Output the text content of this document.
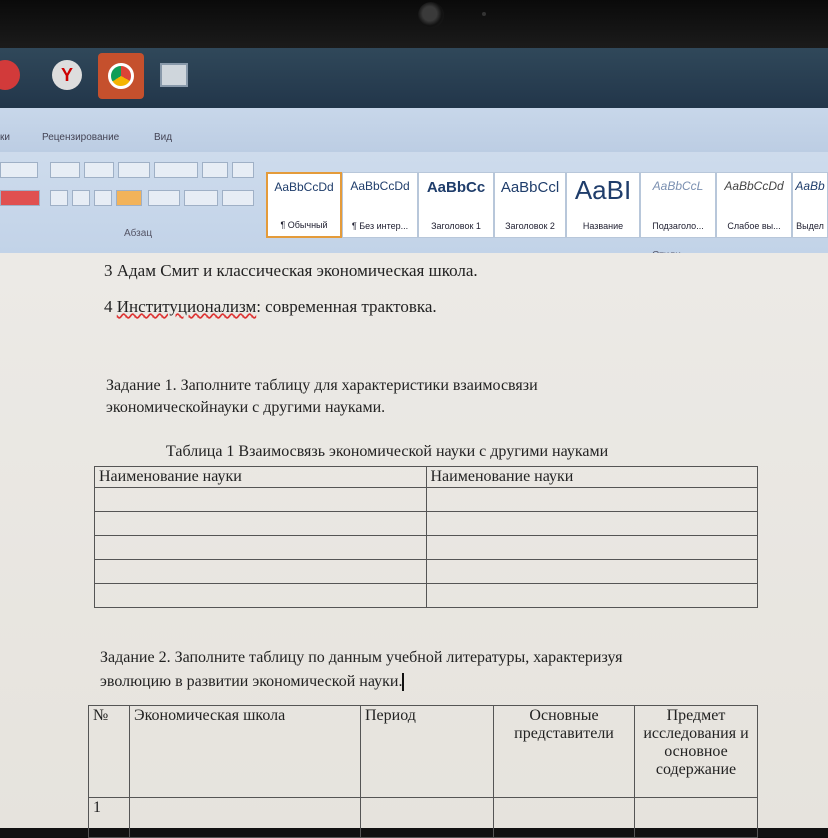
Y
ки	Рецензирование	Вид
Абзац
AaBbCcDd
¶ Обычный
AaBbCcDd
¶ Без интер...
AaBbCc
Заголовок 1
AaBbCcl
Заголовок 2
AaBI
Название
AaBbCcL
Подзаголо...
AaBbCcDd
Слабое вы...
AaBb
Выдел
3 Адам Смит и классическая экономическая школа.
4 Институционализм: современная трактовка.
Задание 1. Заполните таблицу для характеристики взаимосвязи
экономическойнауки с другими науками.
Таблица 1 Взаимосвязь экономической науки с другими науками
Наименование науки	Наименование науки

Задание 2. Заполните таблицу по данным учебной литературы, характеризуя
эволюцию в развитии экономической науки.
№	Экономическая школа	Период	Основные представители	Предмет исследования и основное содержание
1				
